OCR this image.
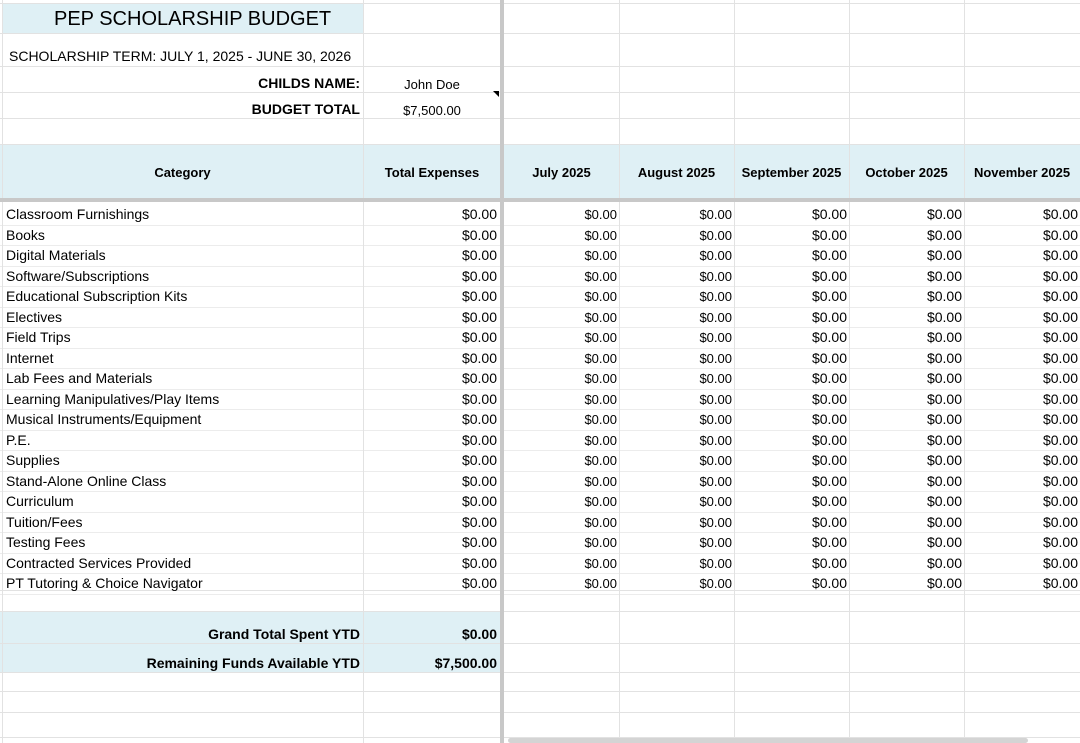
PEP SCHOLARSHIP BUDGET
SCHOLARSHIP TERM: JULY 1, 2025 - JUNE 30, 2026
CHILDS NAME:	John Doe
BUDGET TOTAL	$7,500.00
Category	Total Expenses	July 2025	August 2025	September 2025	October 2025	November 2025
Classroom Furnishings	$0.00	$0.00	$0.00	$0.00	$0.00	$0.00
Books	$0.00	$0.00	$0.00	$0.00	$0.00	$0.00
Digital Materials	$0.00	$0.00	$0.00	$0.00	$0.00	$0.00
Software/Subscriptions	$0.00	$0.00	$0.00	$0.00	$0.00	$0.00
Educational Subscription Kits	$0.00	$0.00	$0.00	$0.00	$0.00	$0.00
Electives	$0.00	$0.00	$0.00	$0.00	$0.00	$0.00
Field Trips	$0.00	$0.00	$0.00	$0.00	$0.00	$0.00
Internet	$0.00	$0.00	$0.00	$0.00	$0.00	$0.00
Lab Fees and Materials	$0.00	$0.00	$0.00	$0.00	$0.00	$0.00
Learning Manipulatives/Play Items	$0.00	$0.00	$0.00	$0.00	$0.00	$0.00
Musical Instruments/Equipment	$0.00	$0.00	$0.00	$0.00	$0.00	$0.00
P.E.	$0.00	$0.00	$0.00	$0.00	$0.00	$0.00
Supplies	$0.00	$0.00	$0.00	$0.00	$0.00	$0.00
Stand-Alone Online Class	$0.00	$0.00	$0.00	$0.00	$0.00	$0.00
Curriculum	$0.00	$0.00	$0.00	$0.00	$0.00	$0.00
Tuition/Fees	$0.00	$0.00	$0.00	$0.00	$0.00	$0.00
Testing Fees	$0.00	$0.00	$0.00	$0.00	$0.00	$0.00
Contracted Services Provided	$0.00	$0.00	$0.00	$0.00	$0.00	$0.00
PT Tutoring & Choice Navigator	$0.00	$0.00	$0.00	$0.00	$0.00	$0.00
Grand Total Spent YTD	$0.00
Remaining Funds Available YTD	$7,500.00
